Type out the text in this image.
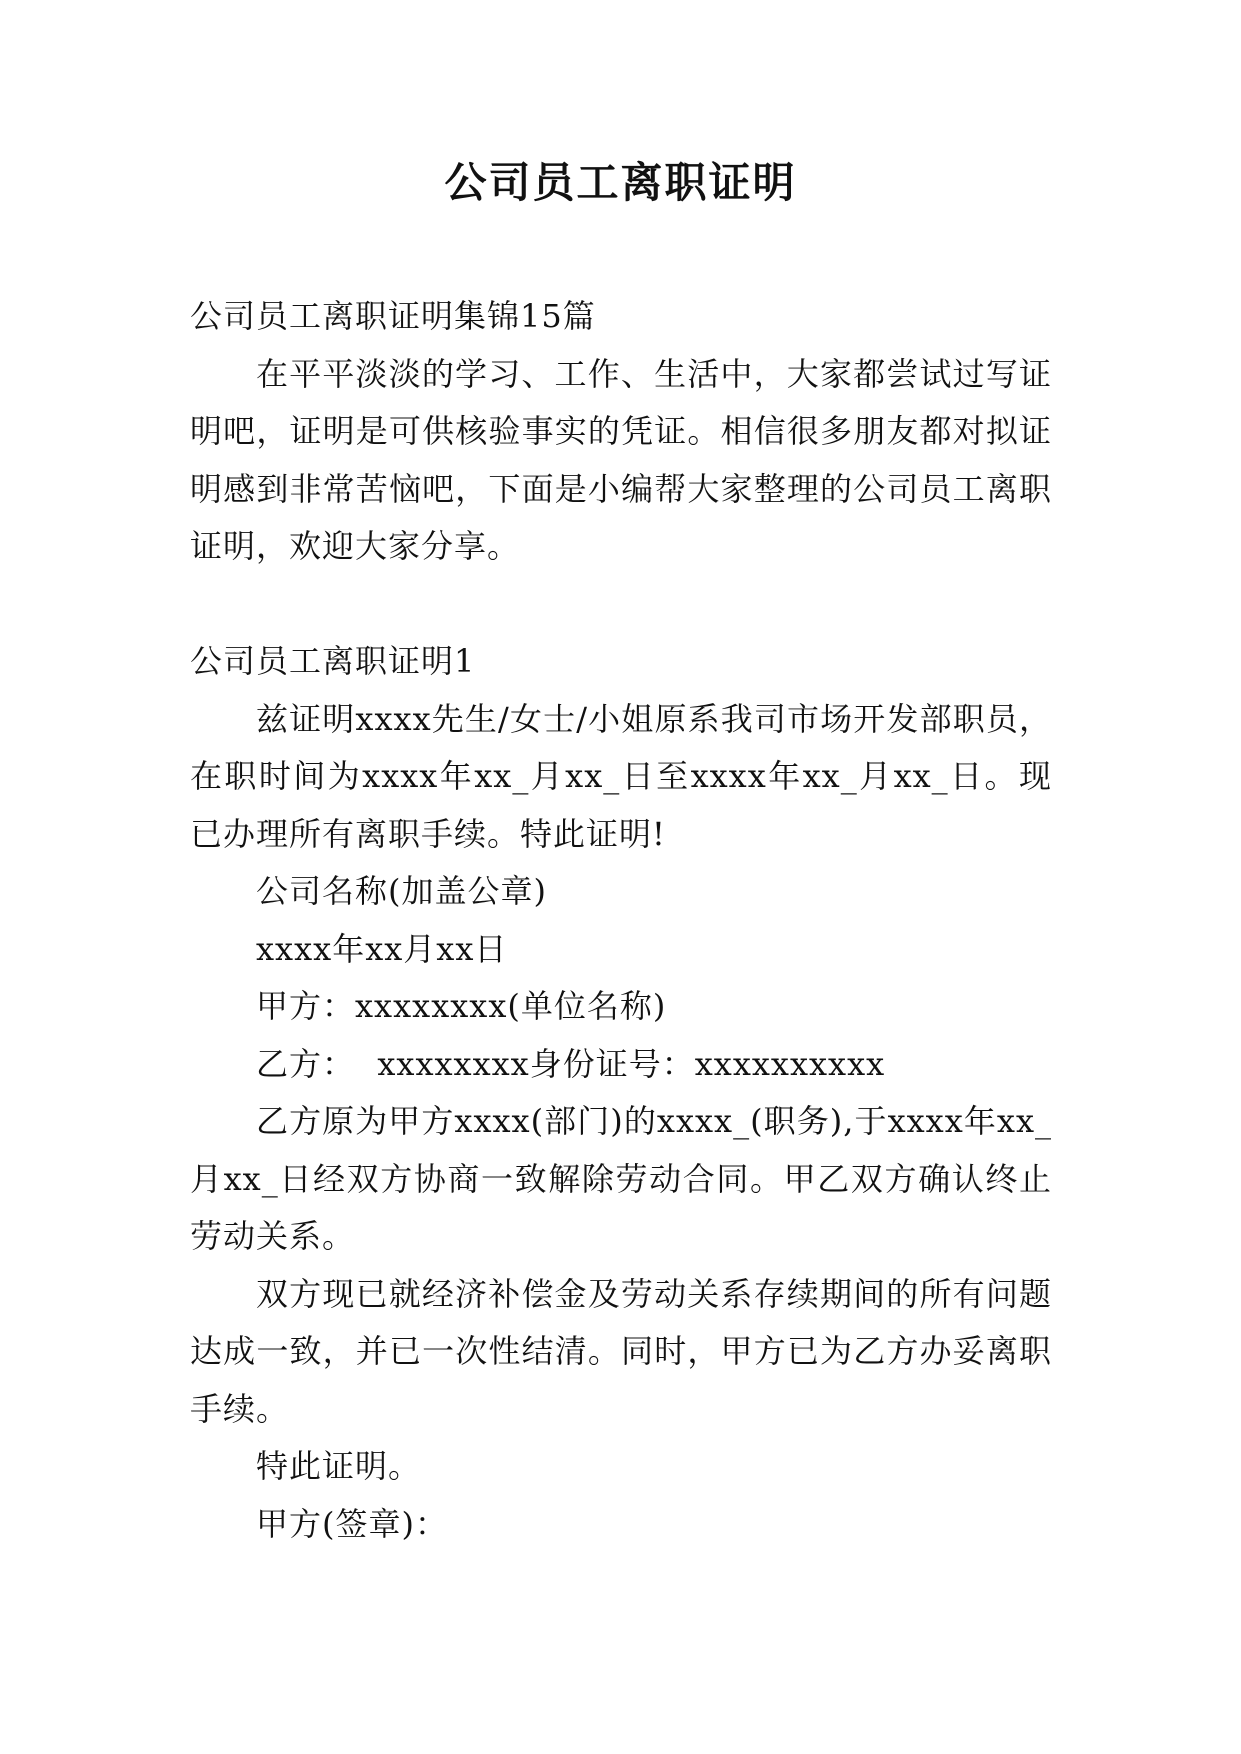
公司员工离职证明

公司员工离职证明集锦15篇

在平平淡淡的学习、工作、生活中，大家都尝试过写证明吧，证明是可供核验事实的凭证。相信很多朋友都对拟证明感到非常苦恼吧，下面是小编帮大家整理的公司员工离职证明，欢迎大家分享。

公司员工离职证明1

兹证明xxxx先生/女士/小姐原系我司市场开发部职员，在职时间为xxxx年xx_月xx_日至xxxx年xx_月xx_日。现已办理所有离职手续。特此证明!

公司名称(加盖公章)

xxxx年xx月xx日

甲方：xxxxxxxx(单位名称)

乙方：  xxxxxxxx身份证号：xxxxxxxxxx

乙方原为甲方xxxx(部门)的xxxx_(职务),于xxxx年xx_月xx_日经双方协商一致解除劳动合同。甲乙双方确认终止劳动关系。

双方现已就经济补偿金及劳动关系存续期间的所有问题达成一致，并已一次性结清。同时，甲方已为乙方办妥离职手续。

特此证明。

甲方(签章)：
